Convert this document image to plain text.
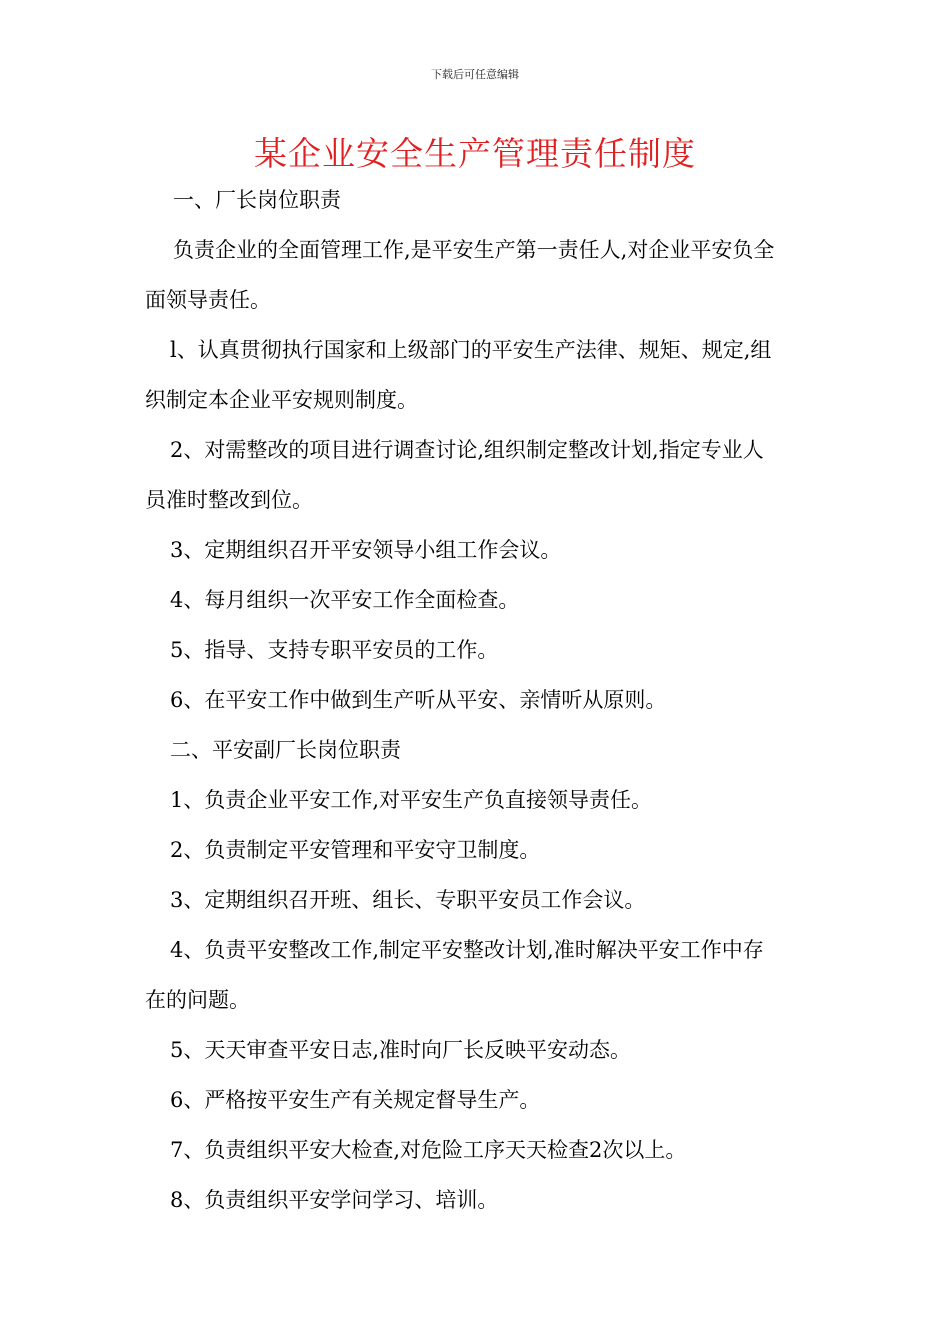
下载后可任意编辑
某企业安全生产管理责任制度
一、厂长岗位职责
负责企业的全面管理工作,是平安生产第一责任人,对企业平安负全
面领导责任。
l、认真贯彻执行国家和上级部门的平安生产法律、规矩、规定,组
织制定本企业平安规则制度。
2、对需整改的项目进行调查讨论,组织制定整改计划,指定专业人
员准时整改到位。
3、定期组织召开平安领导小组工作会议。
4、每月组织一次平安工作全面检查。
5、指导、支持专职平安员的工作。
6、在平安工作中做到生产听从平安、亲情听从原则。
二、平安副厂长岗位职责
1、负责企业平安工作,对平安生产负直接领导责任。
2、负责制定平安管理和平安守卫制度。
3、定期组织召开班、组长、专职平安员工作会议。
4、负责平安整改工作,制定平安整改计划,准时解决平安工作中存
在的问题。
5、天天审查平安日志,准时向厂长反映平安动态。
6、严格按平安生产有关规定督导生产。
7、负责组织平安大检查,对危险工序天天检查2次以上。
8、负责组织平安学问学习、培训。
